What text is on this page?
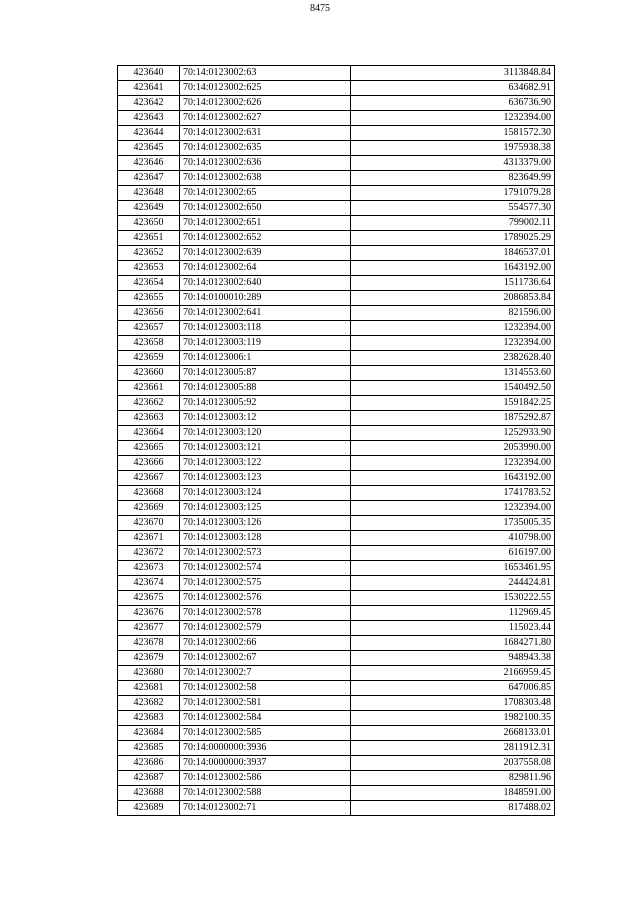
8475
423640	70:14:0123002:63	3113848.84
423641	70:14:0123002:625	634682.91
423642	70:14:0123002:626	636736.90
423643	70:14:0123002:627	1232394.00
423644	70:14:0123002:631	1581572.30
423645	70:14:0123002:635	1975938.38
423646	70:14:0123002:636	4313379.00
423647	70:14:0123002:638	823649.99
423648	70:14:0123002:65	1791079.28
423649	70:14:0123002:650	554577.30
423650	70:14:0123002:651	799002.11
423651	70:14:0123002:652	1789025.29
423652	70:14:0123002:639	1846537.01
423653	70:14:0123002:64	1643192.00
423654	70:14:0123002:640	1511736.64
423655	70:14:0100010:289	2086853.84
423656	70:14:0123002:641	821596.00
423657	70:14:0123003:118	1232394.00
423658	70:14:0123003:119	1232394.00
423659	70:14:0123006:1	2382628.40
423660	70:14:0123005:87	1314553.60
423661	70:14:0123005:88	1540492.50
423662	70:14:0123005:92	1591842.25
423663	70:14:0123003:12	1875292.87
423664	70:14:0123003:120	1252933.90
423665	70:14:0123003:121	2053990.00
423666	70:14:0123003:122	1232394.00
423667	70:14:0123003:123	1643192.00
423668	70:14:0123003:124	1741783.52
423669	70:14:0123003:125	1232394.00
423670	70:14:0123003:126	1735005.35
423671	70:14:0123003:128	410798.00
423672	70:14:0123002:573	616197.00
423673	70:14:0123002:574	1653461.95
423674	70:14:0123002:575	244424.81
423675	70:14:0123002:576	1530222.55
423676	70:14:0123002:578	112969.45
423677	70:14:0123002:579	115023.44
423678	70:14:0123002:66	1684271.80
423679	70:14:0123002:67	948943.38
423680	70:14:0123002:7	2166959.45
423681	70:14:0123002:58	647006.85
423682	70:14:0123002:581	1708303.48
423683	70:14:0123002:584	1982100.35
423684	70:14:0123002:585	2668133.01
423685	70:14:0000000:3936	2811912.31
423686	70:14:0000000:3937	2037558.08
423687	70:14:0123002:586	829811.96
423688	70:14:0123002:588	1848591.00
423689	70:14:0123002:71	817488.02
